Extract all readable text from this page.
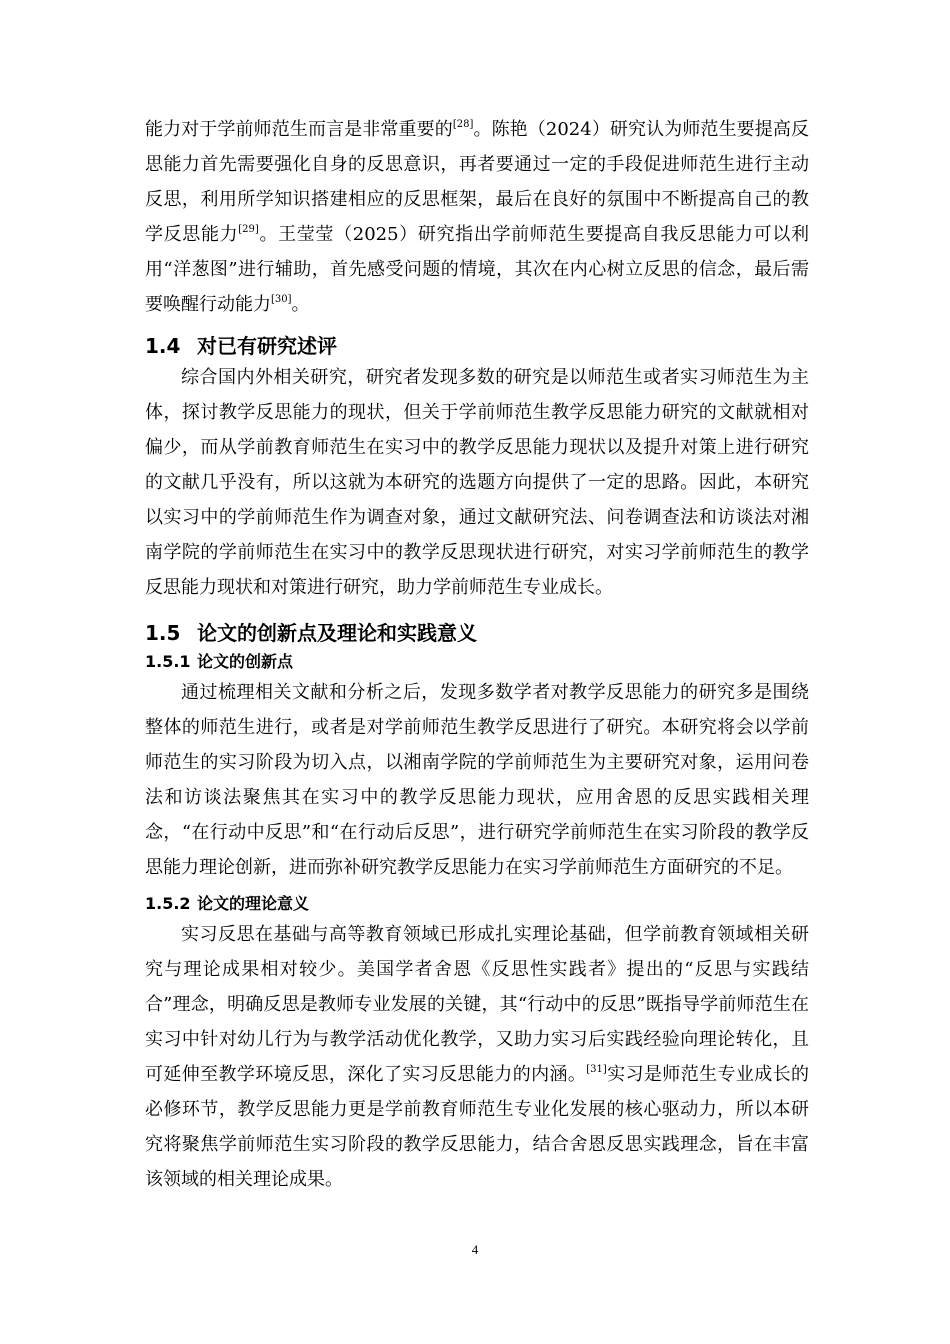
能力对于学前师范生而言是非常重要的[28]。陈艳（2024）研究认为师范生要提高反思能力首先需要强化自身的反思意识，再者要通过一定的手段促进师范生进行主动反思，利用所学知识搭建相应的反思框架，最后在良好的氛围中不断提高自己的教学反思能力[29]。王莹莹（2025）研究指出学前师范生要提高自我反思能力可以利用“洋葱图”进行辅助，首先感受问题的情境，其次在内心树立反思的信念，最后需要唤醒行动能力[30]。

1.4 对已有研究述评

综合国内外相关研究，研究者发现多数的研究是以师范生或者实习师范生为主体，探讨教学反思能力的现状，但关于学前师范生教学反思能力研究的文献就相对偏少，而从学前教育师范生在实习中的教学反思能力现状以及提升对策上进行研究的文献几乎没有，所以这就为本研究的选题方向提供了一定的思路。因此，本研究以实习中的学前师范生作为调查对象，通过文献研究法、问卷调查法和访谈法对湘南学院的学前师范生在实习中的教学反思现状进行研究，对实习学前师范生的教学反思能力现状和对策进行研究，助力学前师范生专业成长。

1.5 论文的创新点及理论和实践意义
1.5.1 论文的创新点

通过梳理相关文献和分析之后，发现多数学者对教学反思能力的研究多是围绕整体的师范生进行，或者是对学前师范生教学反思进行了研究。本研究将会以学前师范生的实习阶段为切入点，以湘南学院的学前师范生为主要研究对象，运用问卷法和访谈法聚焦其在实习中的教学反思能力现状，应用舍恩的反思实践相关理念，“在行动中反思”和“在行动后反思”，进行研究学前师范生在实习阶段的教学反思能力理论创新，进而弥补研究教学反思能力在实习学前师范生方面研究的不足。

1.5.2 论文的理论意义

实习反思在基础与高等教育领域已形成扎实理论基础，但学前教育领域相关研究与理论成果相对较少。美国学者舍恩《反思性实践者》提出的“反思与实践结合”理念，明确反思是教师专业发展的关键，其“行动中的反思”既指导学前师范生在实习中针对幼儿行为与教学活动优化教学，又助力实习后实践经验向理论转化，且可延伸至教学环境反思，深化了实习反思能力的内涵。[31]实习是师范生专业成长的必修环节，教学反思能力更是学前教育师范生专业化发展的核心驱动力，所以本研究将聚焦学前师范生实习阶段的教学反思能力，结合舍恩反思实践理念，旨在丰富该领域的相关理论成果。

4
